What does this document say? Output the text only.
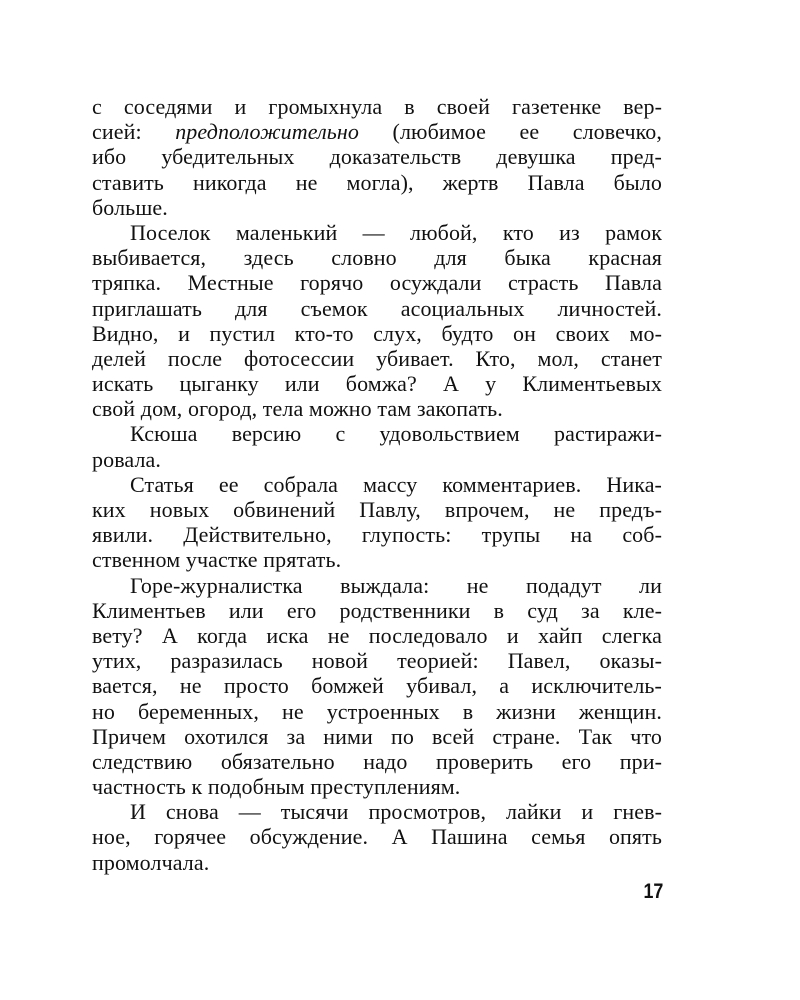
с соседями и громыхнула в своей газетенке вер-
сией: предположительно (любимое ее словечко,
ибо убедительных доказательств девушка пред-
ставить никогда не могла), жертв Павла было
больше.
Поселок маленький — любой, кто из рамок
выбивается, здесь словно для быка красная
тряпка. Местные горячо осуждали страсть Павла
приглашать для съемок асоциальных личностей.
Видно, и пустил кто-то слух, будто он своих мо-
делей после фотосессии убивает. Кто, мол, станет
искать цыганку или бомжа? А у Климентьевых
свой дом, огород, тела можно там закопать.
Ксюша версию с удовольствием растиражи-
ровала.
Статья ее собрала массу комментариев. Ника-
ких новых обвинений Павлу, впрочем, не предъ-
явили. Действительно, глупость: трупы на соб-
ственном участке прятать.
Горе-журналистка выждала: не подадут ли
Климентьев или его родственники в суд за кле-
вету? А когда иска не последовало и хайп слегка
утих, разразилась новой теорией: Павел, оказы-
вается, не просто бомжей убивал, а исключитель-
но беременных, не устроенных в жизни женщин.
Причем охотился за ними по всей стране. Так что
следствию обязательно надо проверить его при-
частность к подобным преступлениям.
И снова — тысячи просмотров, лайки и гнев-
ное, горячее обсуждение. А Пашина семья опять
промолчала.
17
